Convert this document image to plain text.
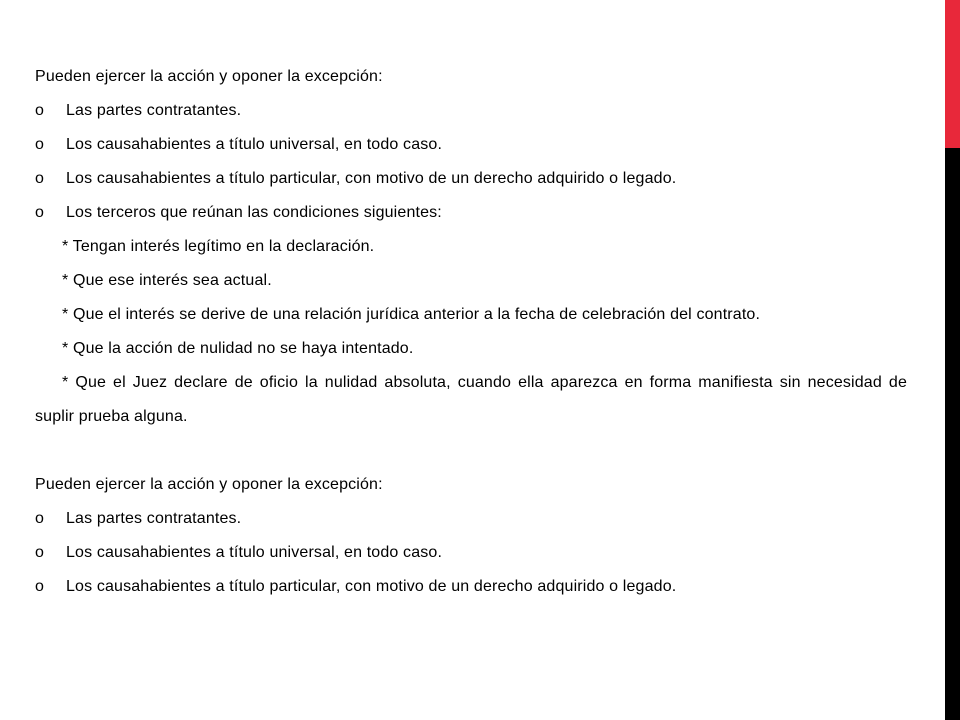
Pueden ejercer la acción y oponer la excepción:

o Las partes contratantes.
o Los causahabientes a título universal, en todo caso.
o Los causahabientes a título particular, con motivo de un derecho adquirido o legado.
o Los terceros que reúnan las condiciones siguientes:

* Tengan interés legítimo en la declaración.

* Que ese interés sea actual.

* Que el interés se derive de una relación jurídica anterior a la fecha de celebración del contrato.

* Que la acción de nulidad no se haya intentado.

* Que el Juez declare de oficio la nulidad absoluta, cuando ella aparezca en forma manifiesta sin necesidad de suplir prueba alguna.

Pueden ejercer la acción y oponer la excepción:

o Las partes contratantes.
o Los causahabientes a título universal, en todo caso.
o Los causahabientes a título particular, con motivo de un derecho adquirido o legado.
